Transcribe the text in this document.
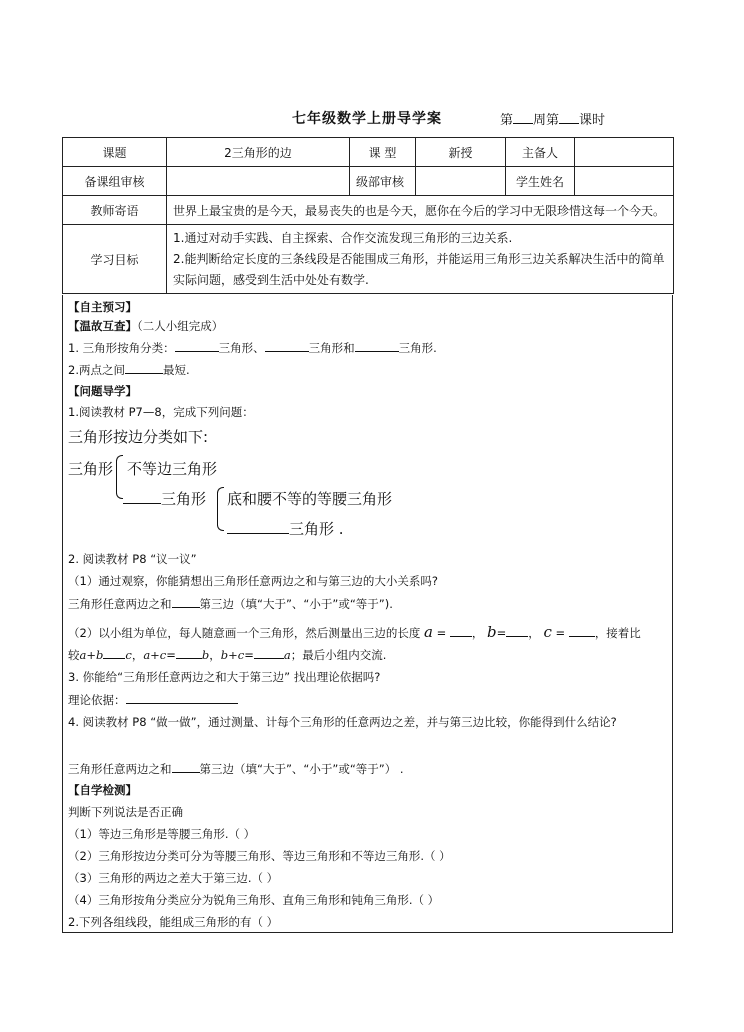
七年级数学上册导学案	第 周第 课时
课题	2三角形的边	课 型	新授	主备人	
备课组审核		级部审核		学生姓名	
教师寄语	世界上最宝贵的是今天，最易丧失的也是今天，愿你在今后的学习中无限珍惜这每一个今天。				
学习目标	1.通过对动手实践、自主探索、合作交流发现三角形的三边关系.
2.能判断给定长度的三条线段是否能围成三角形，并能运用三角形三边关系解决生活中的简单实际问题，感受到生活中处处有数学.				
【自主预习】
【温故互查】（二人小组完成）
1. 三角形按角分类：	三角形、	三角形和	三角形.
2.两点之间	最短.
【问题导学】
1.阅读教材 P7—8，完成下列问题：
三角形按边分类如下:
三角形 不等边三角形
三角形 底和腰不等的等腰三角形
三角形 .
2. 阅读教材 P8 “议一议”
（1）通过观察，你能猜想出三角形任意两边之和与第三边的大小关系吗?
三角形任意两边之和 第三边（填“大于”、“小于”或“等于”).
（2）以小组为单位，每人随意画一个三角形，然后测量出三边的长度 a = ， b= ， c =	，接着比
较a+b c，a+c= b，b+c=	a；最后小组内交流.
3. 你能给“三角形任意两边之和大于第三边” 找出理论依据吗?
理论依据：
4. 阅读教材 P8 “做一做”，通过测量、计每个三角形的任意两边之差，并与第三边比较，你能得到什么结论?
三角形任意两边之和 第三边（填“大于”、“小于”或“等于”） .
【自学检测】
判断下列说法是否正确
（1）等边三角形是等腰三角形.（ ）
（2）三角形按边分类可分为等腰三角形、等边三角形和不等边三角形.（ ）
（3）三角形的两边之差大于第三边.（ ）
（4）三角形按角分类应分为锐角三角形、直角三角形和钝角三角形.（ ）
2.下列各组线段，能组成三角形的有（ ）
